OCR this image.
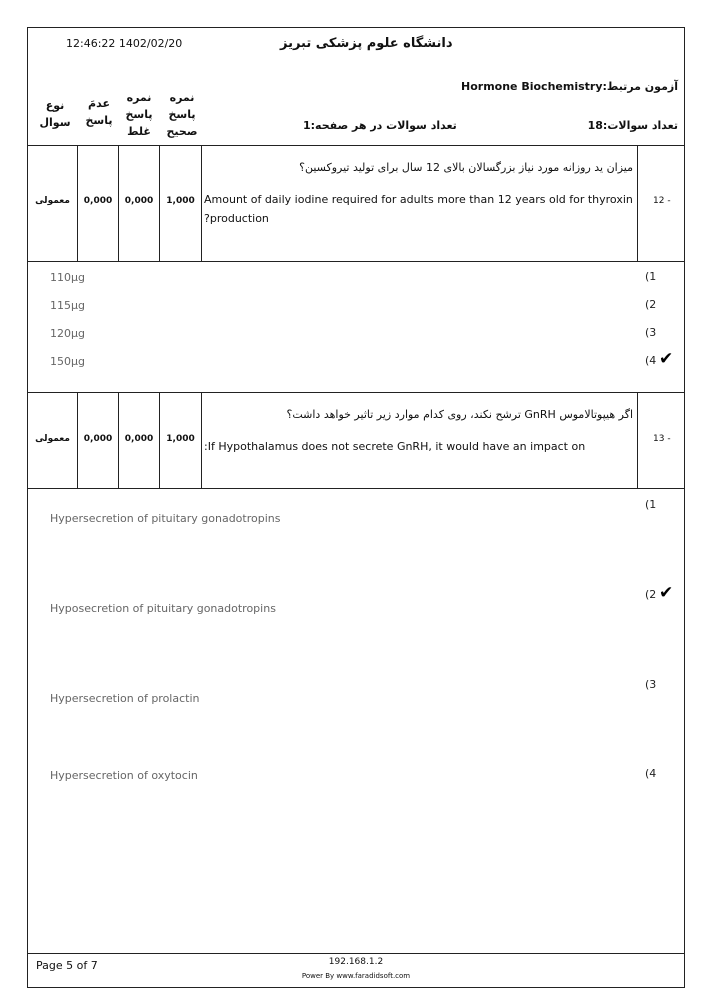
12:46:22 1402/02/20	دانشگاه علوم پزشکی تبریز
Hormone Biochemistryآزمون مرتبط:
تعداد سوالات:18
تعداد سوالات در هر صفحه:1
نمره
پاسخ
صحیح
نمره
پاسخ
غلط
عدمَ
پاسخ
نوع
سوال
معمولی	0,000	0,000	1,000	12 -
میزان ید روزانه مورد نیاز بزرگسالان بالای 12 سال برای تولید تیروکسین؟
Amount of daily iodine required for adults more than 12 years old for thyroxin
?production
110μg	(1
115μg	(2
120μg	(3
150μg	(4 ✔
معمولی	0,000	0,000	1,000	13 -
اگر هیپوتالاموس GnRH ترشح نکند، روی کدام موارد زیر تاثیر خواهد داشت؟
:If Hypothalamus does not secrete GnRH, it would have an impact on
(1
Hypersecretion of pituitary gonadotropins
(2 ✔
Hyposecretion of pituitary gonadotropins
(3
Hypersecretion of prolactin
(4
Hypersecretion of oxytocin
Page 5 of 7	192.168.1.2
Power By www.faradidsoft.com
